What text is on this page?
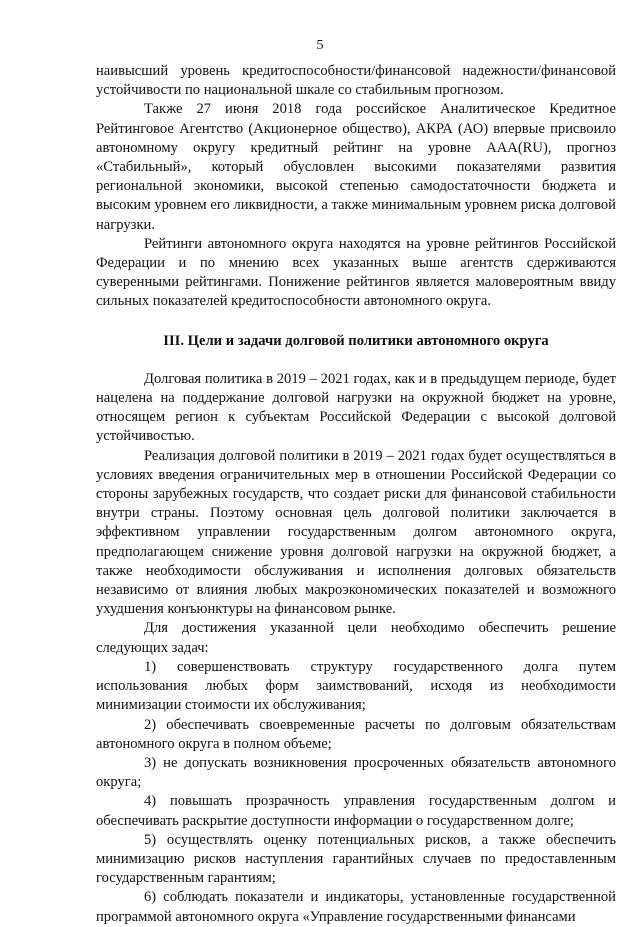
5

наивысший уровень кредитоспособности/финансовой надежности/финансовой устойчивости по национальной шкале со стабильным прогнозом.

Также 27 июня 2018 года российское Аналитическое Кредитное Рейтинговое Агентство (Акционерное общество), АКРА (АО) впервые присвоило автономному округу кредитный рейтинг на уровне ААА(RU), прогноз «Стабильный», который обусловлен высокими показателями развития региональной экономики, высокой степенью самодостаточности бюджета и высоким уровнем его ликвидности, а также минимальным уровнем риска долговой нагрузки.

Рейтинги автономного округа находятся на уровне рейтингов Российской Федерации и по мнению всех указанных выше агентств сдерживаются суверенными рейтингами. Понижение рейтингов является маловероятным ввиду сильных показателей кредитоспособности автономного округа.

III. Цели и задачи долговой политики автономного округа

Долговая политика в 2019 – 2021 годах, как и в предыдущем периоде, будет нацелена на поддержание долговой нагрузки на окружной бюджет на уровне, относящем регион к субъектам Российской Федерации с высокой долговой устойчивостью.

Реализация долговой политики в 2019 – 2021 годах будет осуществляться в условиях введения ограничительных мер в отношении Российской Федерации со стороны зарубежных государств, что создает риски для финансовой стабильности внутри страны. Поэтому основная цель долговой политики заключается в эффективном управлении государственным долгом автономного округа, предполагающем снижение уровня долговой нагрузки на окружной бюджет, а также необходимости обслуживания и исполнения долговых обязательств независимо от влияния любых макроэкономических показателей и возможного ухудшения конъюнктуры на финансовом рынке.

Для достижения указанной цели необходимо обеспечить решение следующих задач:

1) совершенствовать структуру государственного долга путем использования любых форм заимствований, исходя из необходимости минимизации стоимости их обслуживания;

2) обеспечивать своевременные расчеты по долговым обязательствам автономного округа в полном объеме;

3) не допускать возникновения просроченных обязательств автономного округа;

4) повышать прозрачность управления государственным долгом и обеспечивать раскрытие доступности информации о государственном долге;

5) осуществлять оценку потенциальных рисков, а также обеспечить минимизацию рисков наступления гарантийных случаев по предоставленным государственным гарантиям;

6) соблюдать показатели и индикаторы, установленные государственной программой автономного округа «Управление государственными финансами
